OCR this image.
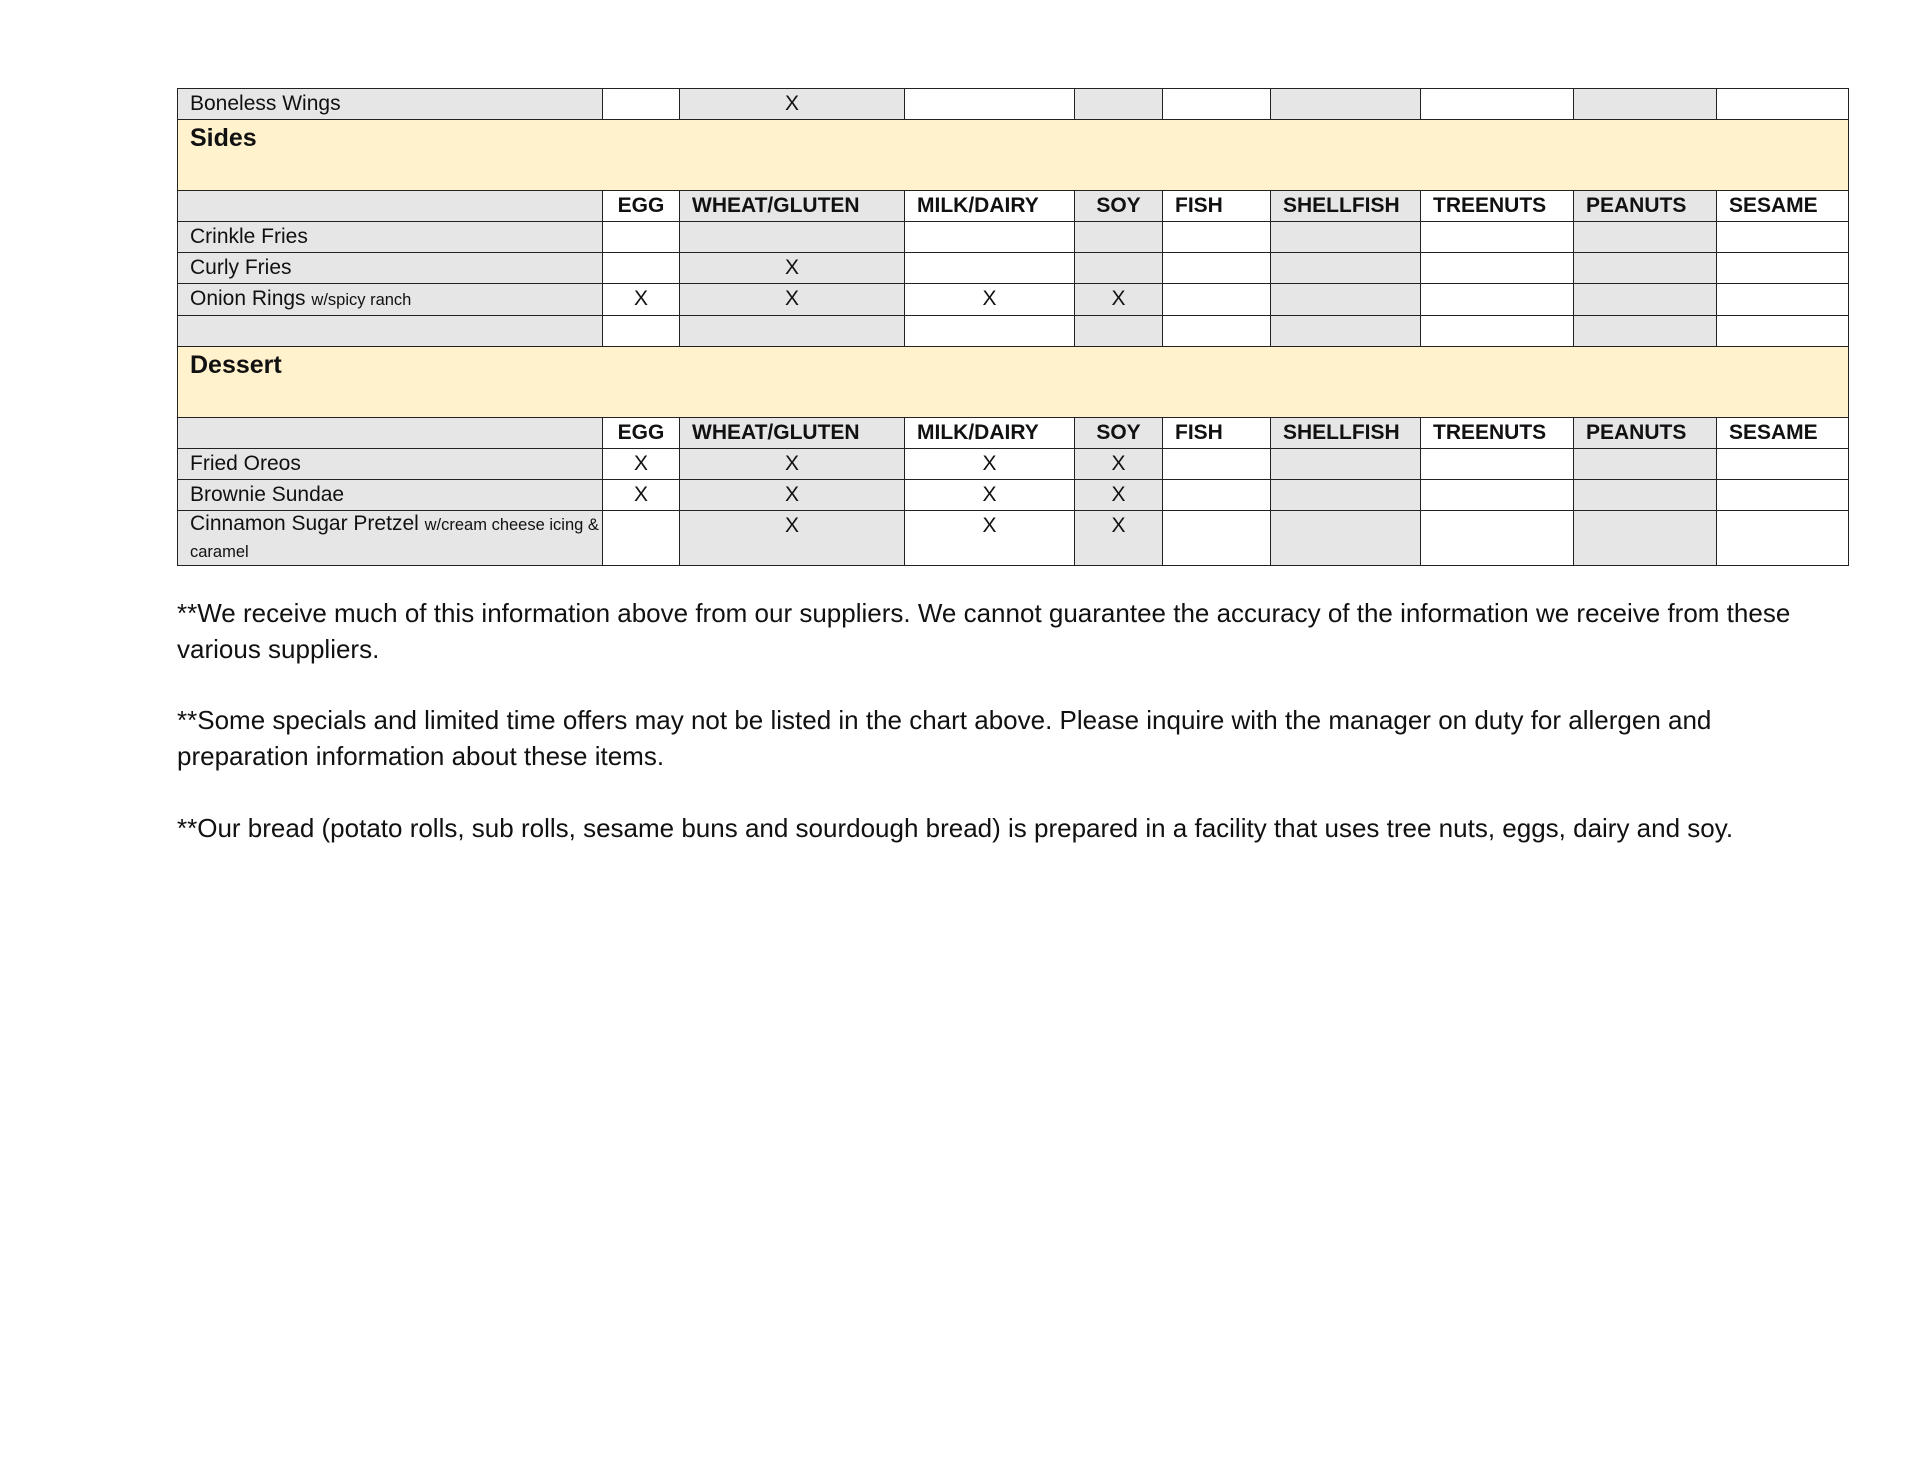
Boneless Wings		X							
Sides									
	EGG	WHEAT/GLUTEN	MILK/DAIRY	SOY	FISH	SHELLFISH	TREENUTS	PEANUTS	SESAME
Crinkle Fries									
Curly Fries		X							
Onion Rings w/spicy ranch	X	X	X	X					

Dessert									
	EGG	WHEAT/GLUTEN	MILK/DAIRY	SOY	FISH	SHELLFISH	TREENUTS	PEANUTS	SESAME
Fried Oreos	X	X	X	X					
Brownie Sundae	X	X	X	X					
Cinnamon Sugar Pretzel w/cream cheese icing & caramel		X	X	X					

**We receive much of this information above from our suppliers. We cannot guarantee the accuracy of the information we receive from these various suppliers.

**Some specials and limited time offers may not be listed in the chart above. Please inquire with the manager on duty for allergen and preparation information about these items.

**Our bread (potato rolls, sub rolls, sesame buns and sourdough bread) is prepared in a facility that uses tree nuts, eggs, dairy and soy.
